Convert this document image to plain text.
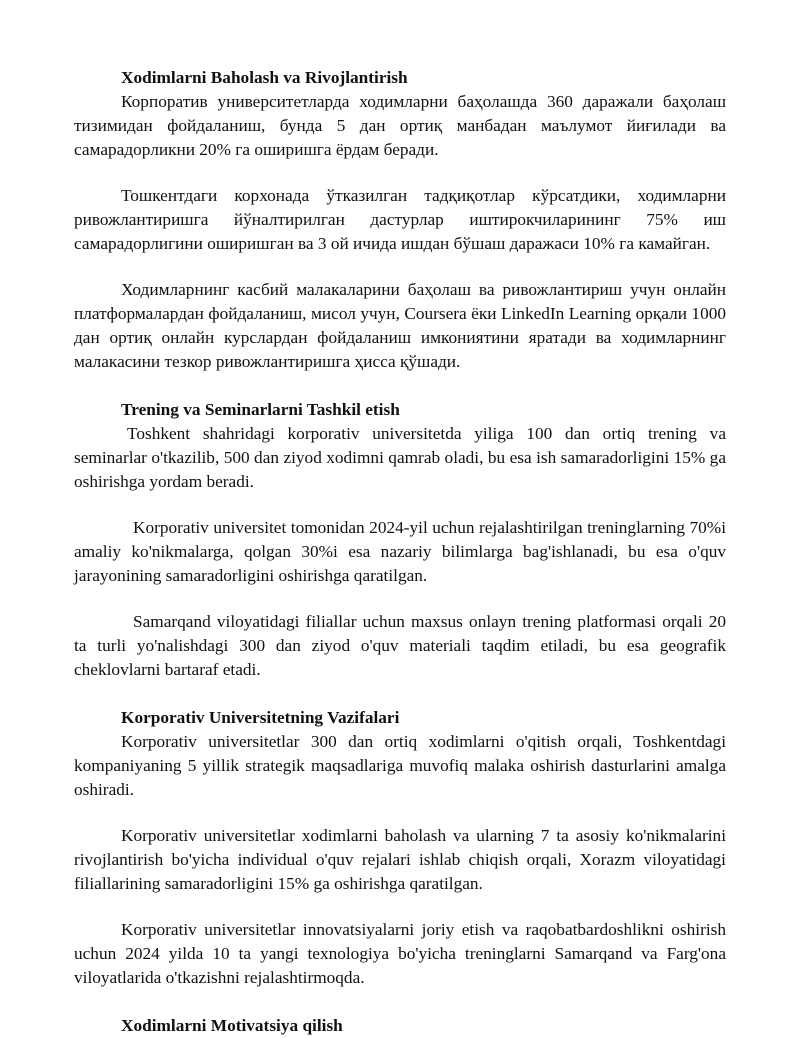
Xodimlarni Baholash va Rivojlantirish

Корпоратив университетларда ходимларни баҳолашда 360 даражали баҳолаш тизимидан фойдаланиш, бунда 5 дан ортиқ манбадан маълумот йиғилади ва самарадорликни 20% га оширишга ёрдам беради.

Тошкентдаги корхонада ўтказилган тадқиқотлар кўрсатдики, ходимларни ривожлантиришга йўналтирилган дастурлар иштирокчиларининг 75% иш самарадорлигини оширишган ва 3 ой ичида ишдан бўшаш даражаси 10% га камайган.

Ходимларнинг касбий малакаларини баҳолаш ва ривожлантириш учун онлайн платформалардан фойдаланиш, мисол учун, Coursera ёки LinkedIn Learning орқали 1000 дан ортиқ онлайн курслардан фойдаланиш имкониятини яратади ва ходимларнинг малакасини тезкор ривожлантиришга ҳисса қўшади.

Trening va Seminarlarni Tashkil etish

Toshkent shahridagi korporativ universitetda yiliga 100 dan ortiq trening va seminarlar o'tkazilib, 500 dan ziyod xodimni qamrab oladi, bu esa ish samaradorligini 15% ga oshirishga yordam beradi.

Korporativ universitet tomonidan 2024-yil uchun rejalashtirilgan treninglarning 70%i amaliy ko'nikmalarga, qolgan 30%i esa nazariy bilimlarga bag'ishlanadi, bu esa o'quv jarayonining samaradorligini oshirishga qaratilgan.

Samarqand viloyatidagi filiallar uchun maxsus onlayn trening platformasi orqali 20 ta turli yo'nalishdagi 300 dan ziyod o'quv materiali taqdim etiladi, bu esa geografik cheklovlarni bartaraf etadi.

Korporativ Universitetning Vazifalari

Korporativ universitetlar 300 dan ortiq xodimlarni o'qitish orqali, Toshkentdagi kompaniyaning 5 yillik strategik maqsadlariga muvofiq malaka oshirish dasturlarini amalga oshiradi.

Korporativ universitetlar xodimlarni baholash va ularning 7 ta asosiy ko'nikmalarini rivojlantirish bo'yicha individual o'quv rejalari ishlab chiqish orqali, Xorazm viloyatidagi filiallarining samaradorligini 15% ga oshirishga qaratilgan.

Korporativ universitetlar innovatsiyalarni joriy etish va raqobatbardoshlikni oshirish uchun 2024 yilda 10 ta yangi texnologiya bo'yicha treninglarni Samarqand va Farg'ona viloyatlarida o'tkazishni rejalashtirmoqda.

Xodimlarni Motivatsiya qilish
